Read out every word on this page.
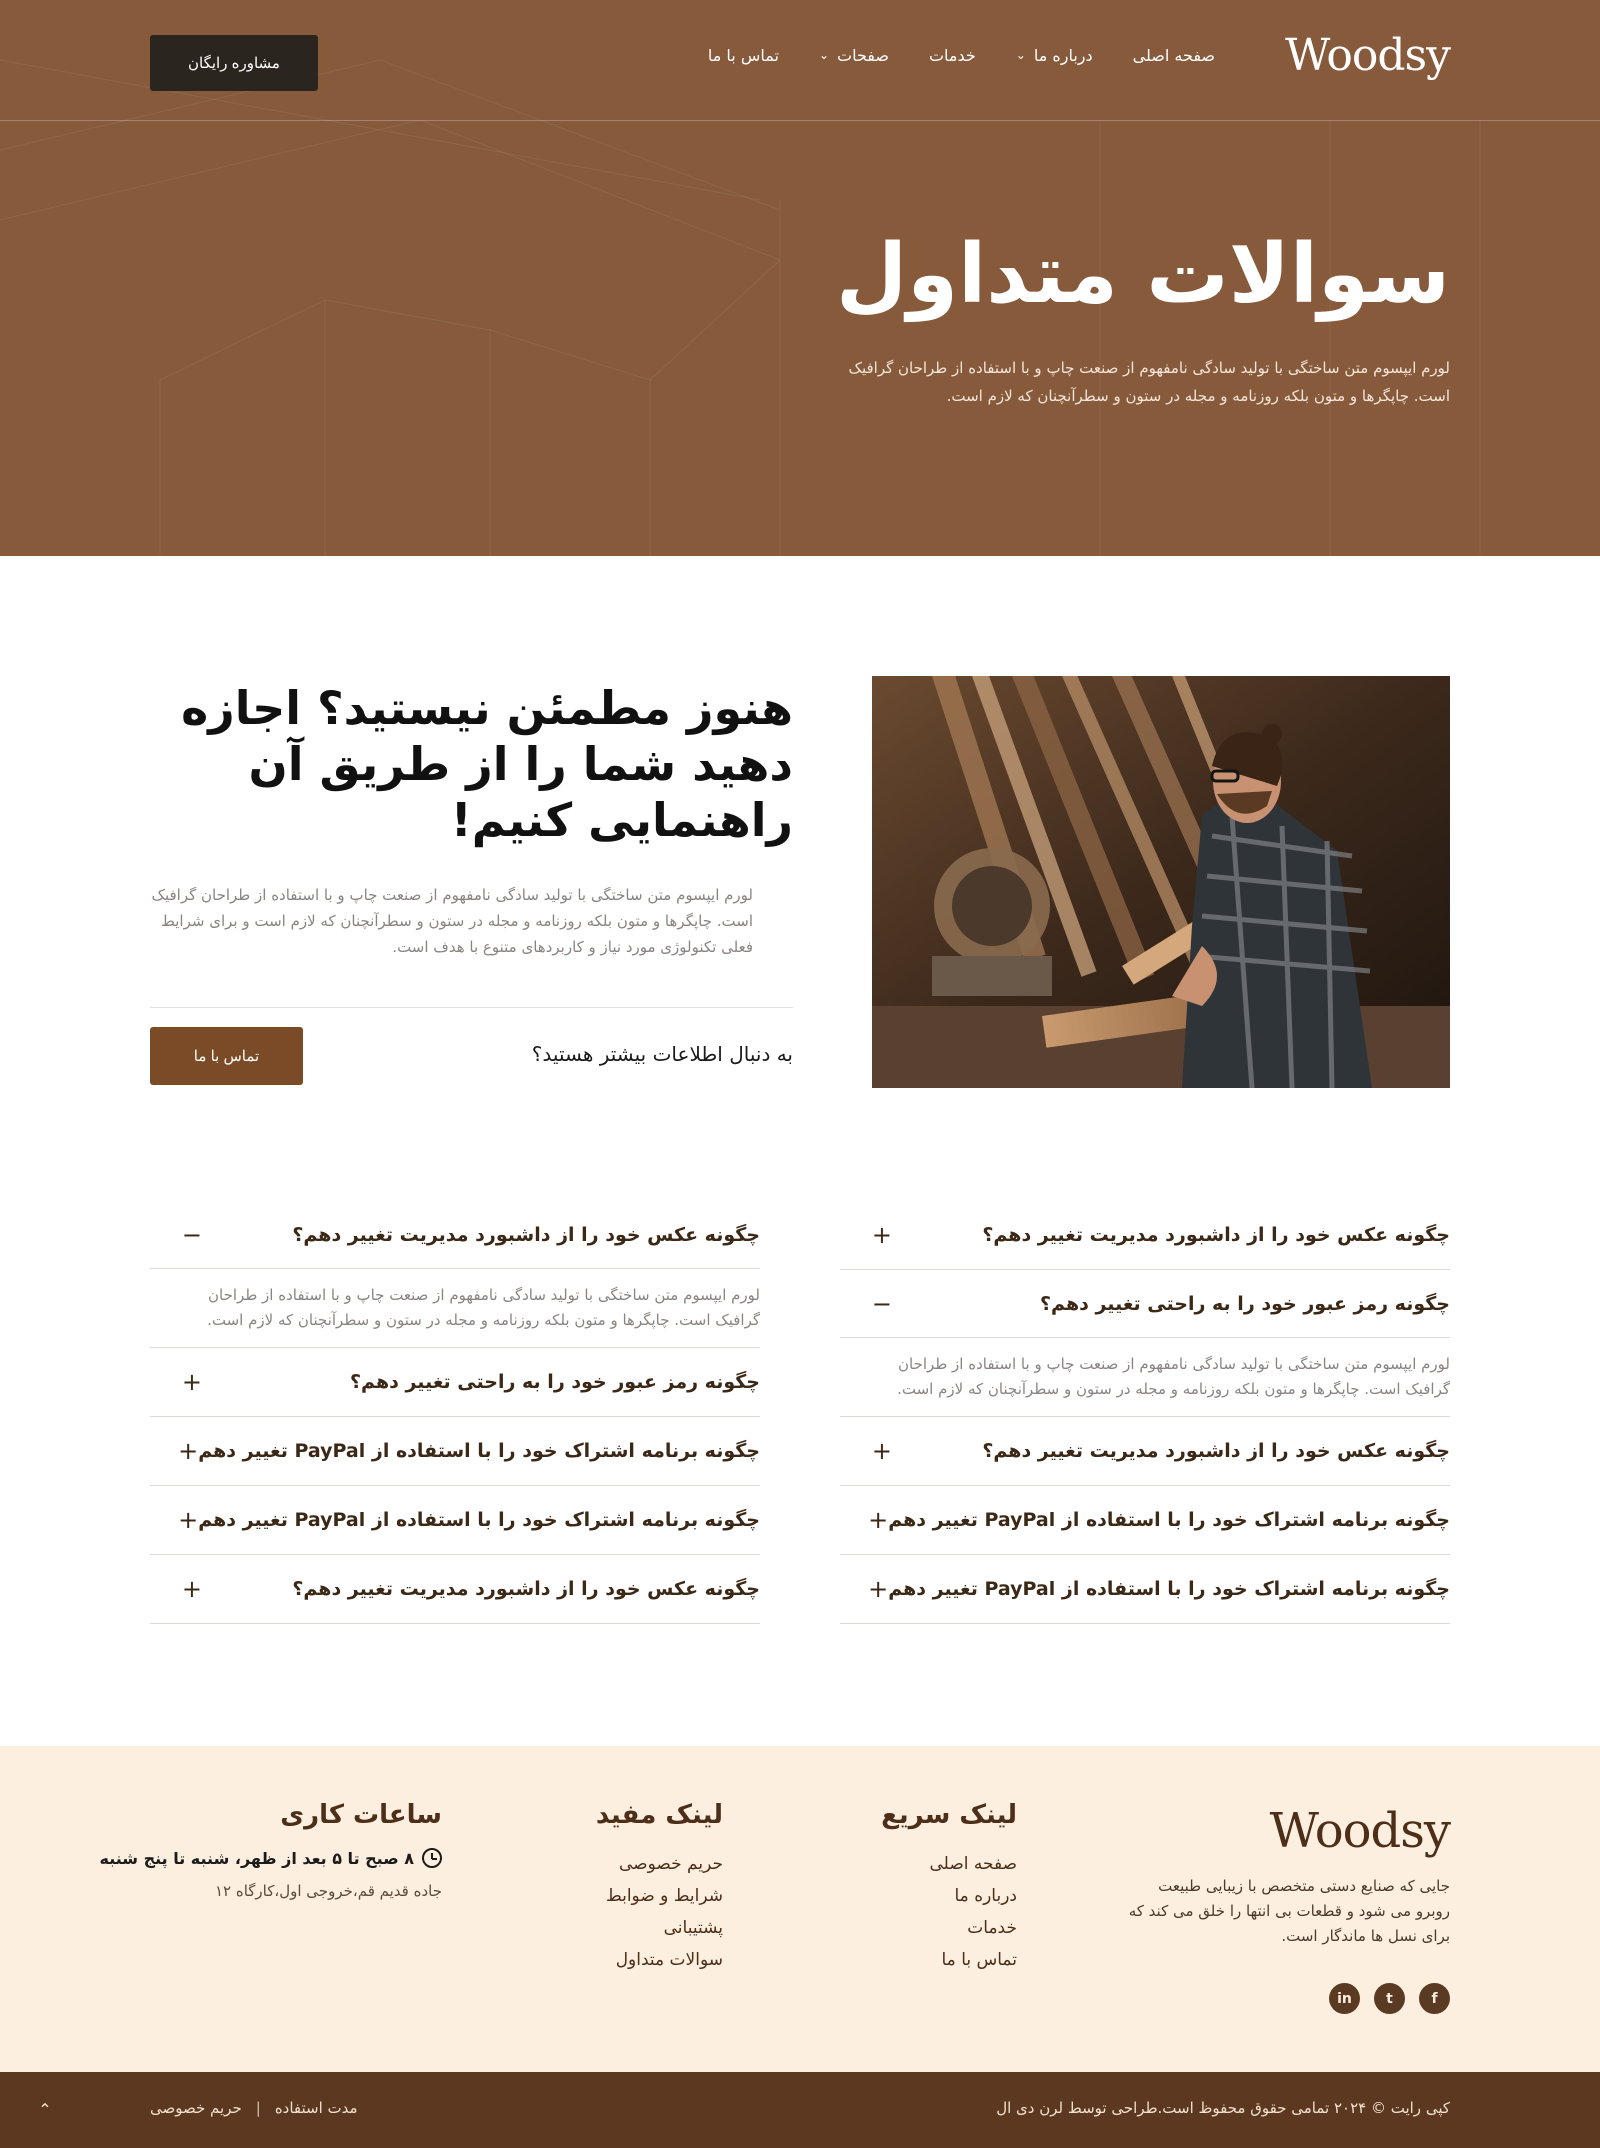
Woodsy
صفحه اصلی
درباره ما
⌄
خدمات
صفحات
⌄
تماس با ما
مشاوره رایگان
سوالات متداول

لورم ایپسوم متن ساختگی با تولید سادگی نامفهوم از صنعت چاپ و با استفاده از طراحان گرافیک است. چاپگرها و متون بلکه روزنامه و مجله در ستون و سطرآنچنان که لازم است.

هنوز مطمئن نیستید؟ اجازه دهید شما را از طریق آن راهنمایی کنیم!

لورم ایپسوم متن ساختگی با تولید سادگی نامفهوم از صنعت چاپ و با استفاده از طراحان گرافیک است. چاپگرها و متون بلکه روزنامه و مجله در ستون و سطرآنچنان که لازم است و برای شرایط فعلی تکنولوژی مورد نیاز و کاربردهای متنوع با هدف است.

به دنبال اطلاعات بیشتر هستید؟
تماس با ما
چگونه عکس خود را از داشبورد مدیریت تغییر دهم؟
+
چگونه رمز عبور خود را به راحتی تغییر دهم؟
−

لورم ایپسوم متن ساختگی با تولید سادگی نامفهوم از صنعت چاپ و با استفاده از طراحان گرافیک است. چاپگرها و متون بلکه روزنامه و مجله در ستون و سطرآنچنان که لازم است.

چگونه عکس خود را از داشبورد مدیریت تغییر دهم؟
+
چگونه برنامه اشتراک خود را با استفاده از PayPal تغییر دهم
+
چگونه برنامه اشتراک خود را با استفاده از PayPal تغییر دهم
+
چگونه عکس خود را از داشبورد مدیریت تغییر دهم؟
−

لورم ایپسوم متن ساختگی با تولید سادگی نامفهوم از صنعت چاپ و با استفاده از طراحان گرافیک است. چاپگرها و متون بلکه روزنامه و مجله در ستون و سطرآنچنان که لازم است.

چگونه رمز عبور خود را به راحتی تغییر دهم؟
+
چگونه برنامه اشتراک خود را با استفاده از PayPal تغییر دهم
+
چگونه برنامه اشتراک خود را با استفاده از PayPal تغییر دهم
+
چگونه عکس خود را از داشبورد مدیریت تغییر دهم؟
+
Woodsy

جایی که صنایع دستی متخصص با زیبایی طبیعت روبرو می شود و قطعات بی انتها را خلق می کند که برای نسل ها ماندگار است.

f
t
in
لینک سریع
صفحه اصلی
درباره ما
خدمات
تماس با ما
لینک مفید
حریم خصوصی
شرایط و ضوابط
پشتیبانی
سوالات متداول
ساعات کاری
۸ صبح تا ۵ بعد از ظهر، شنبه تا پنج شنبه
جاده قدیم قم،خروجی اول،کارگاه ۱۲
کپی رایت © ۲۰۲۴ تمامی حقوق محفوظ است.طراحی توسط لرن دی ال
مدت استفاده
|
حریم خصوصی
⌃
